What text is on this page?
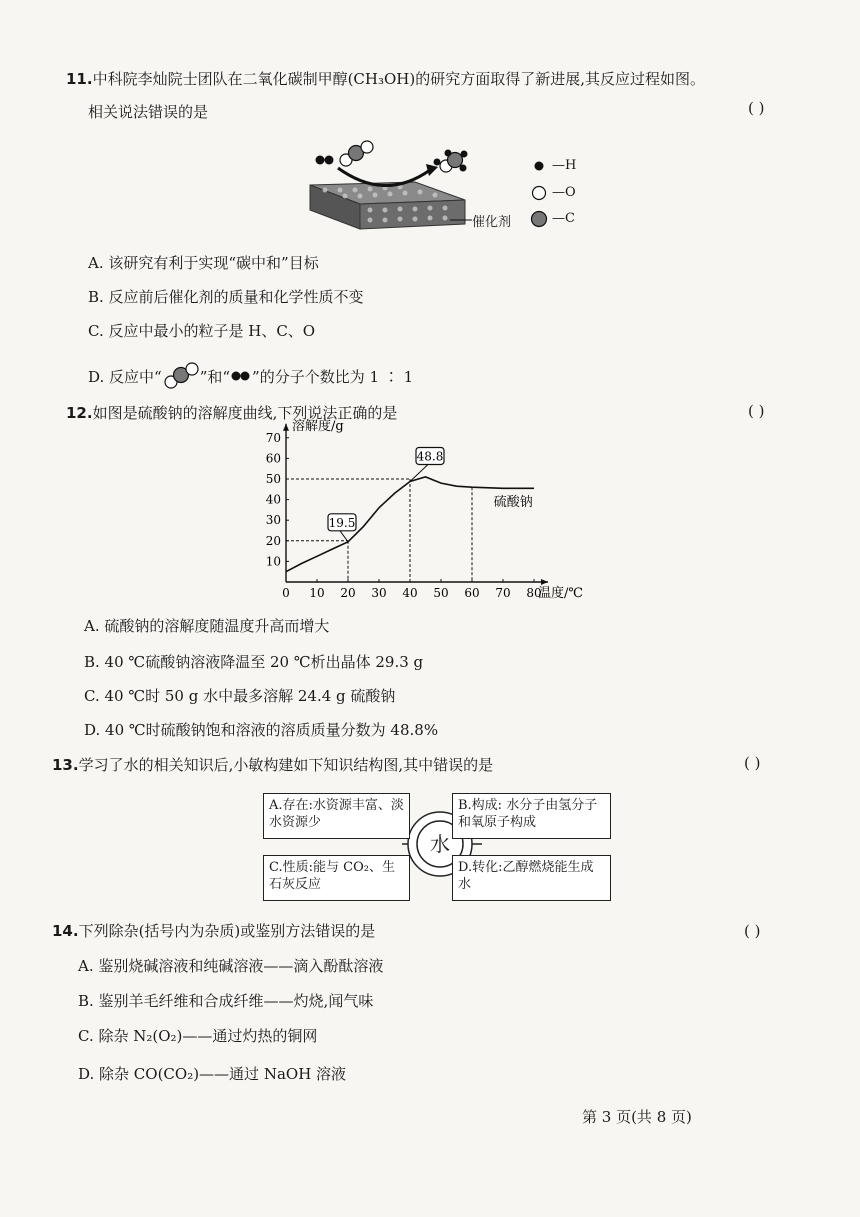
11.中科院李灿院士团队在二氧化碳制甲醇(CH₃OH)的研究方面取得了新进展,其反应过程如图。
相关说法错误的是	( )
催化剂
—H
—O
—C
A. 该研究有利于实现“碳中和”目标
B. 反应前后催化剂的质量和化学性质不变
C. 反应中最小的粒子是 H、C、O
D. 反应中“	”和“ ”的分子个数比为 1 ∶ 1
12.如图是硫酸钠的溶解度曲线,下列说法正确的是	( )
0 10 20 30 40 50 60 70 80
10
20
30
40
50
60
70
19.5
48.8
溶解度/g
温度/℃
硫酸钠
A. 硫酸钠的溶解度随温度升高而增大
B. 40 ℃硫酸钠溶液降温至 20 ℃析出晶体 29.3 g
C. 40 ℃时 50 g 水中最多溶解 24.4 g 硫酸钠
D. 40 ℃时硫酸钠饱和溶液的溶质质量分数为 48.8%
13.学习了水的相关知识后,小敏构建如下知识结构图,其中错误的是	( )
水
A.存在:水资源丰富、淡水资源少
B.构成: 水分子由氢分子和氧原子构成
C.性质:能与 CO₂、生石灰反应
D.转化:乙醇燃烧能生成水
14.下列除杂(括号内为杂质)或鉴别方法错误的是	( )
A. 鉴别烧碱溶液和纯碱溶液——滴入酚酞溶液
B. 鉴别羊毛纤维和合成纤维——灼烧,闻气味
C. 除杂 N₂(O₂)——通过灼热的铜网
D. 除杂 CO(CO₂)——通过 NaOH 溶液
第 3 页(共 8 页)
